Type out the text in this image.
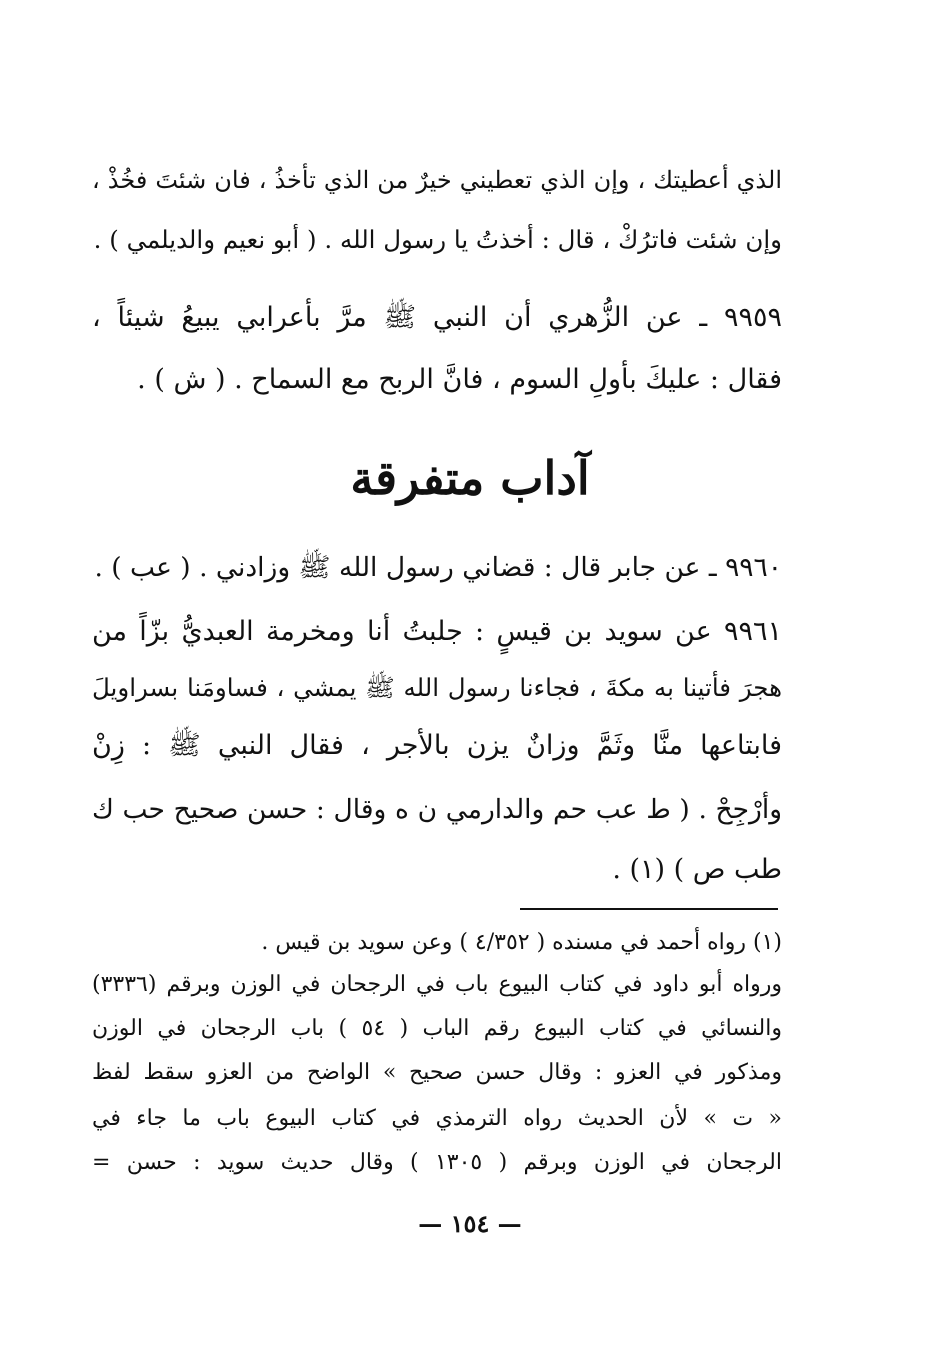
الذي أعطيتك ، وإن الذي تعطيني خيرٌ من الذي تأخذُ ، فان شئتَ فخُذْ ،
وإن شئت فاترُكْ ، قال : أخذتُ يا رسول الله . ( أبو نعيم والديلمي ) .
٩٩٥٩ ـ عن الزُّهري أن النبي ﷺ مرَّ بأعرابي يبيعُ شيئاً ،
فقال : عليكَ بأولِ السوم ، فانَّ الربح مع السماح . ( ش ) .
آداب متفرقة
٩٩٦٠ ـ عن جابر قال : قضاني رسول الله ﷺ وزادني . ( عب ) .
٩٩٦١ عن سويد بن قيسٍ : جلبتُ أنا ومخرمة العبديُّ بزّاً من
هجرَ فأتينا به مكةَ ، فجاءنا رسول الله ﷺ يمشي ، فساومَنا بسراويلَ
فابتاعها منَّا وثَمَّ وزانٌ يزن بالأجر ، فقال النبي ﷺ : زِنْ
وأرْجِحْ . ( ط عب حم والدارمي ن ه وقال : حسن صحيح حب ك
طب ص ) (١) .
(١) رواه أحمد في مسنده ( ٤/٣٥٢ ) وعن سويد بن قيس .
ورواه أبو داود في كتاب البيوع باب في الرجحان في الوزن وبرقم (٣٣٣٦)
والنسائي في كتاب البيوع رقم الباب ( ٥٤ ) باب الرجحان في الوزن
ومذكور في العزو : وقال حسن صحيح » الواضح من العزو سقط لفظ
« ت » لأن الحديث رواه الترمذي في كتاب البيوع باب ما جاء في
الرجحان في الوزن وبرقم ( ١٣٠٥ ) وقال حديث سويد : حسن =
— ١٥٤ —
